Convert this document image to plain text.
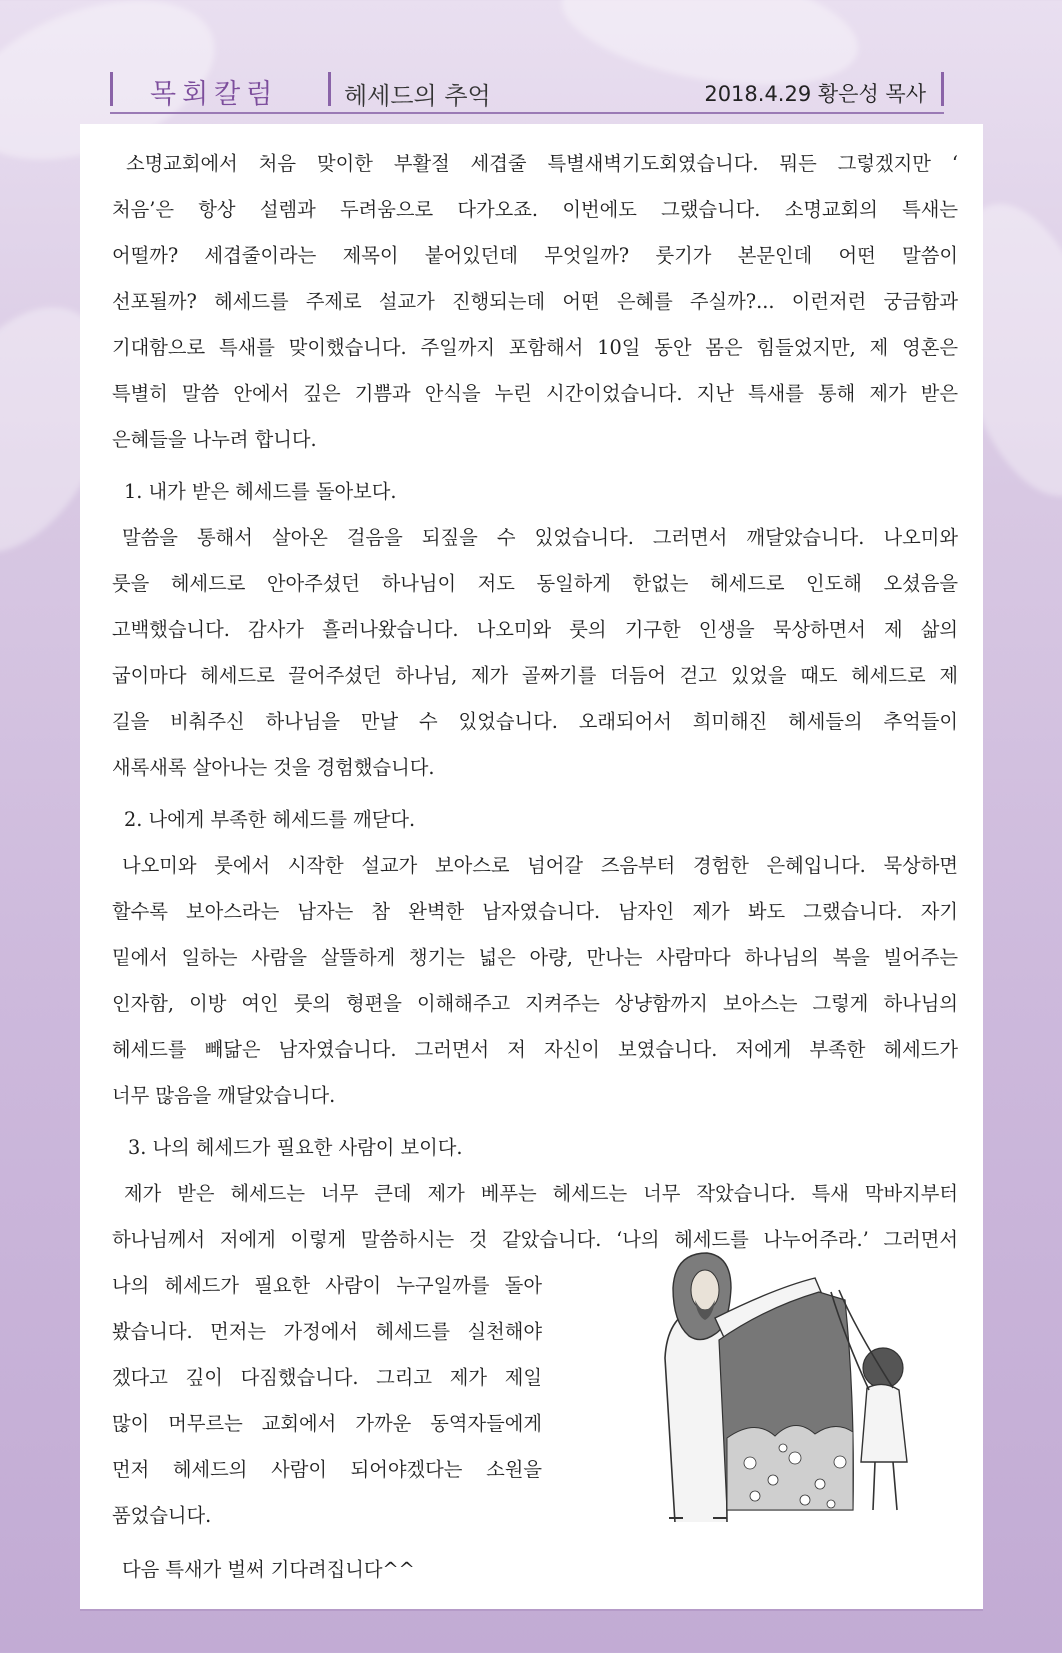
목회칼럼	헤세드의 추억	2018.4.29 황은성 목사
소명교회에서 처음 맞이한 부활절 세겹줄 특별새벽기도회였습니다. 뭐든 그렇겠지만 ‘
처음’은 항상 설렘과 두려움으로 다가오죠. 이번에도 그랬습니다. 소명교회의 특새는
어떨까? 세겹줄이라는 제목이 붙어있던데 무엇일까? 룻기가 본문인데 어떤 말씀이
선포될까? 헤세드를 주제로 설교가 진행되는데 어떤 은혜를 주실까?... 이런저런 궁금함과
기대함으로 특새를 맞이했습니다. 주일까지 포함해서 10일 동안 몸은 힘들었지만, 제 영혼은
특별히 말씀 안에서 깊은 기쁨과 안식을 누린 시간이었습니다. 지난 특새를 통해 제가 받은
은혜들을 나누려 합니다.
1. 내가 받은 헤세드를 돌아보다.
말씀을 통해서 살아온 걸음을 되짚을 수 있었습니다. 그러면서 깨달았습니다. 나오미와
룻을 헤세드로 안아주셨던 하나님이 저도 동일하게 한없는 헤세드로 인도해 오셨음을
고백했습니다. 감사가 흘러나왔습니다. 나오미와 룻의 기구한 인생을 묵상하면서 제 삶의
굽이마다 헤세드로 끌어주셨던 하나님, 제가 골짜기를 더듬어 걷고 있었을 때도 헤세드로 제
길을 비춰주신 하나님을 만날 수 있었습니다. 오래되어서 희미해진 헤세들의 추억들이
새록새록 살아나는 것을 경험했습니다.
2. 나에게 부족한 헤세드를 깨닫다.
나오미와 룻에서 시작한 설교가 보아스로 넘어갈 즈음부터 경험한 은혜입니다. 묵상하면
할수록 보아스라는 남자는 참 완벽한 남자였습니다. 남자인 제가 봐도 그랬습니다. 자기
밑에서 일하는 사람을 살뜰하게 챙기는 넓은 아량, 만나는 사람마다 하나님의 복을 빌어주는
인자함, 이방 여인 룻의 형편을 이해해주고 지켜주는 상냥함까지 보아스는 그렇게 하나님의
헤세드를 빼닮은 남자였습니다. 그러면서 저 자신이 보였습니다. 저에게 부족한 헤세드가
너무 많음을 깨달았습니다.
3. 나의 헤세드가 필요한 사람이 보이다.
제가 받은 헤세드는 너무 큰데 제가 베푸는 헤세드는 너무 작았습니다. 특새 막바지부터
하나님께서 저에게 이렇게 말씀하시는 것 같았습니다. ‘나의 헤세드를 나누어주라.’ 그러면서
나의 헤세드가 필요한 사람이 누구일까를 돌아
봤습니다. 먼저는 가정에서 헤세드를 실천해야
겠다고 깊이 다짐했습니다. 그리고 제가 제일
많이 머무르는 교회에서 가까운 동역자들에게
먼저 헤세드의 사람이 되어야겠다는 소원을
품었습니다.
다음 특새가 벌써 기다려집니다^^
